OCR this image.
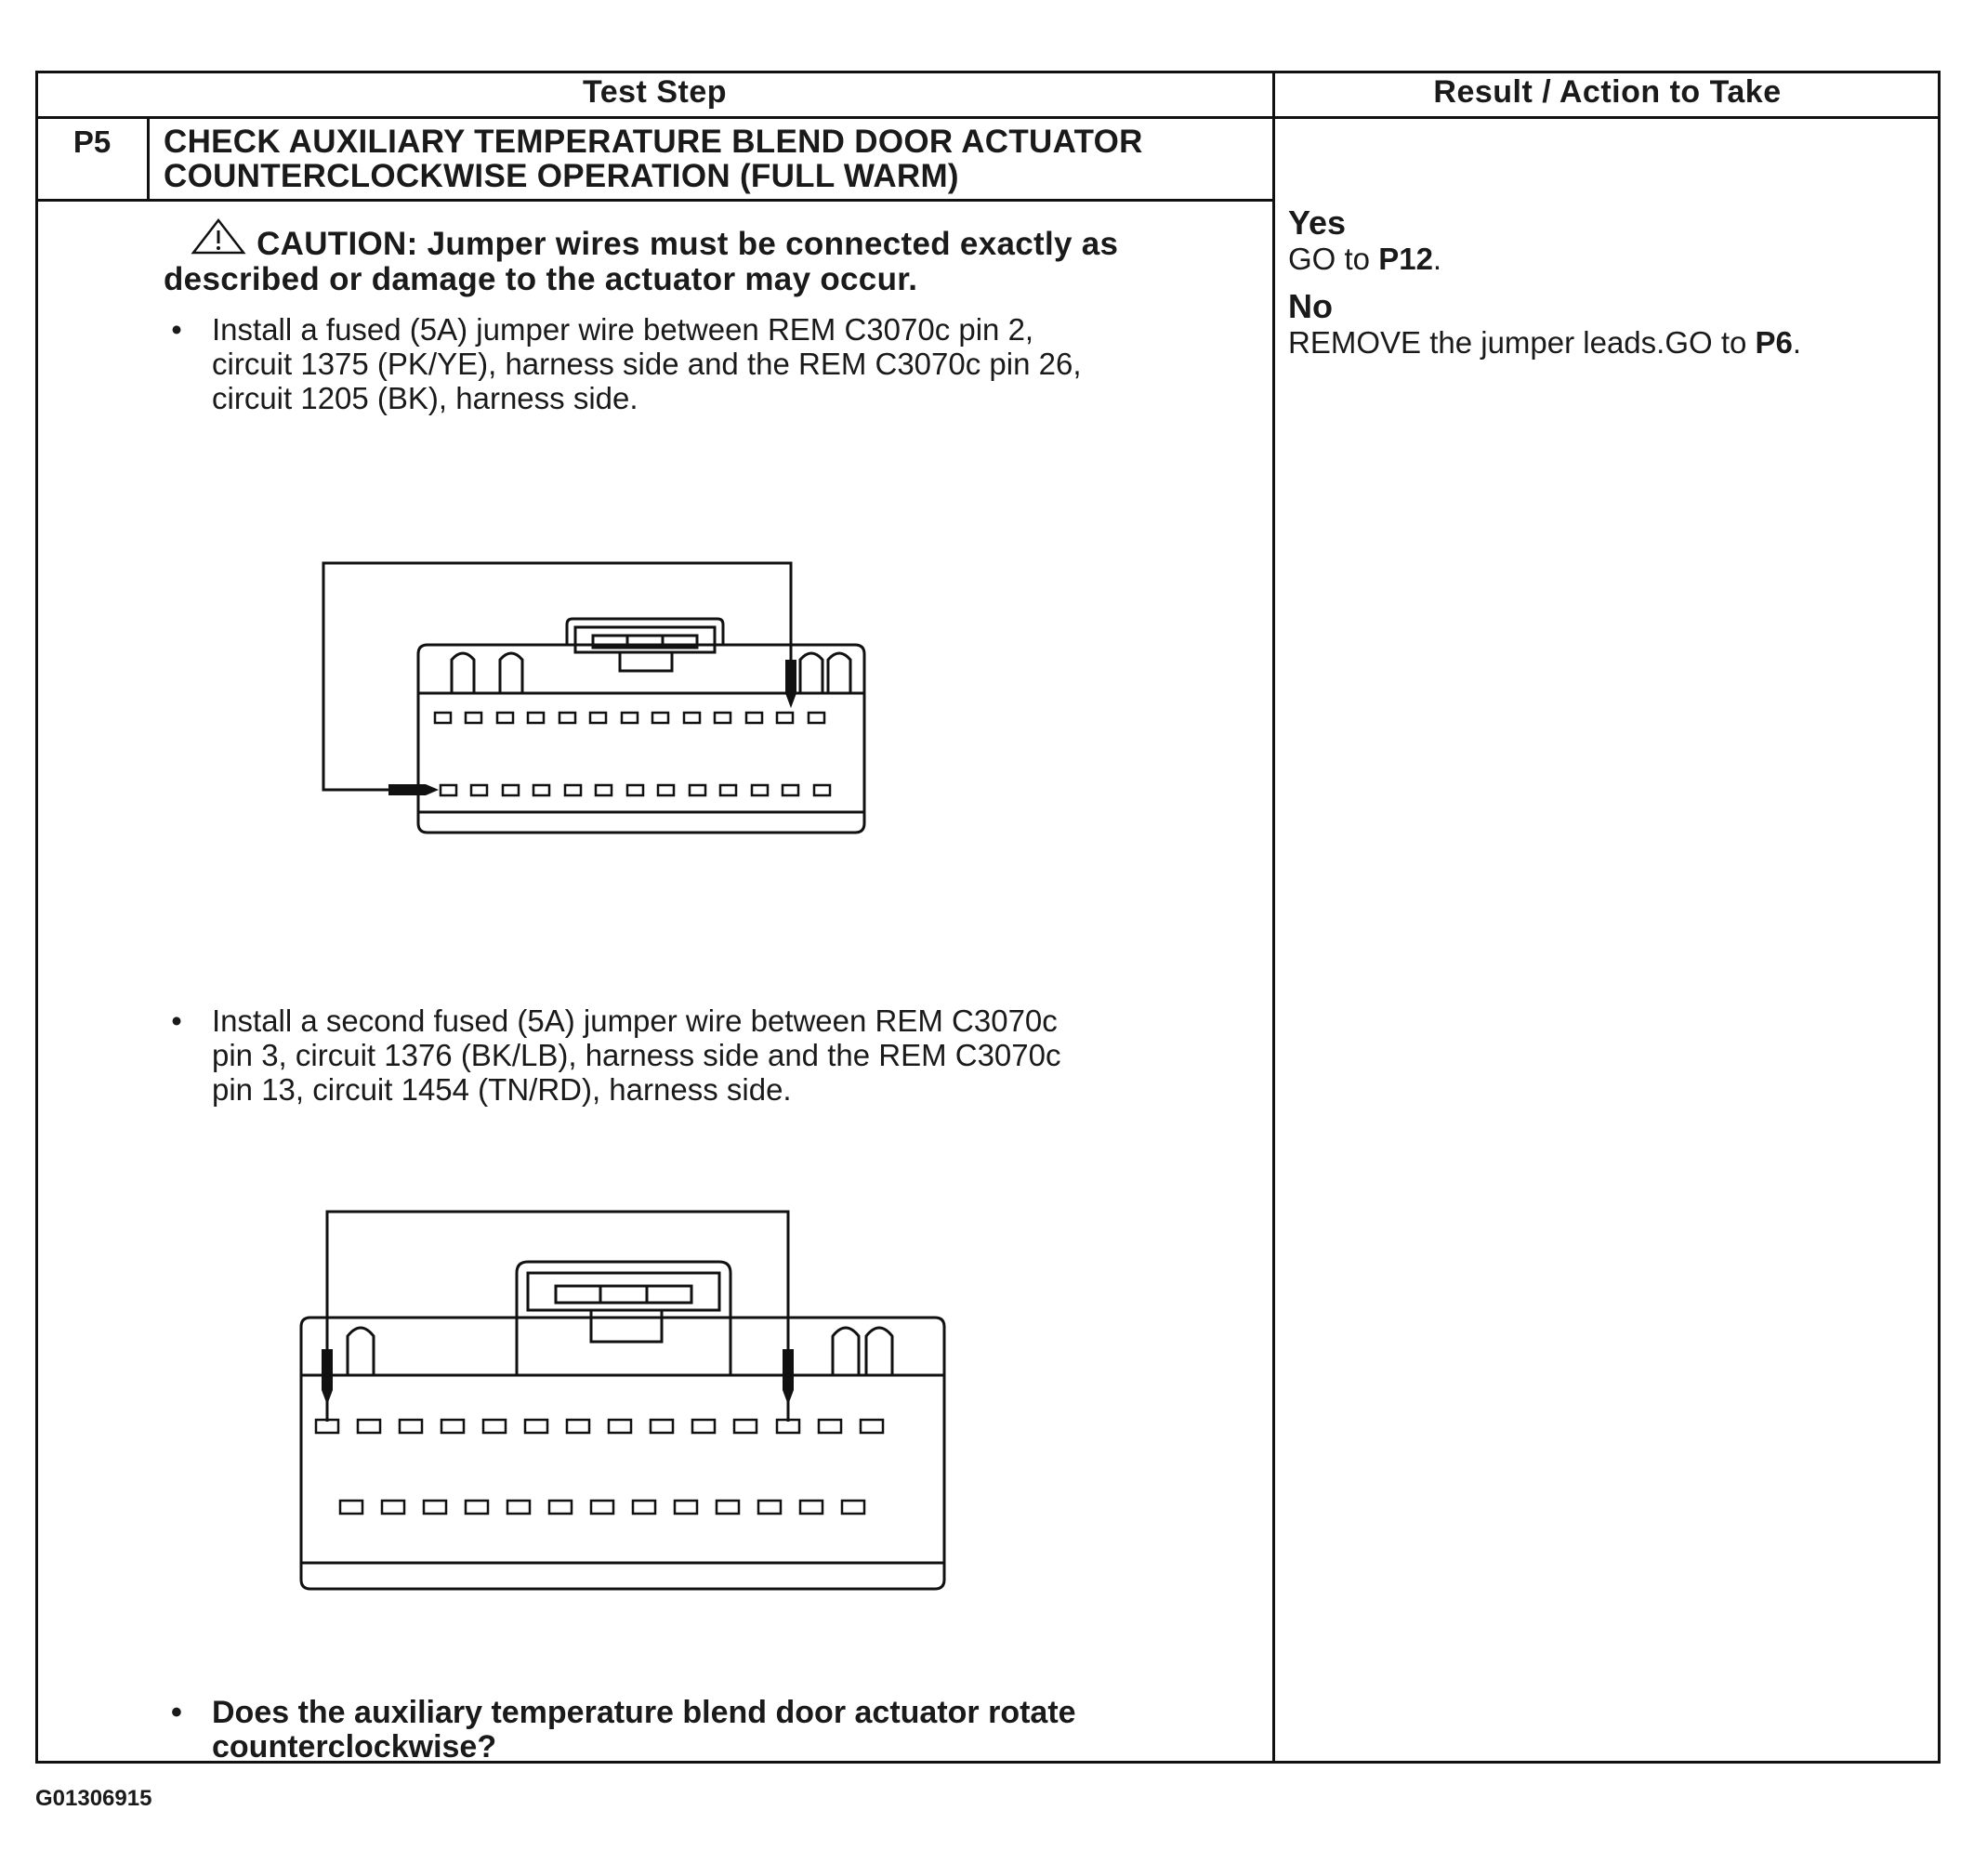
Test Step	Result / Action to Take
P5	CHECK AUXILIARY TEMPERATURE BLEND DOOR ACTUATOR
COUNTERCLOCKWISE OPERATION (FULL WARM)
CAUTION: Jumper wires must be connected exactly as
described or damage to the actuator may occur.
• Install a fused (5A) jumper wire between REM C3070c pin 2,
circuit 1375 (PK/YE), harness side and the REM C3070c pin 26,
circuit 1205 (BK), harness side.
• Install a second fused (5A) jumper wire between REM C3070c
pin 3, circuit 1376 (BK/LB), harness side and the REM C3070c
pin 13, circuit 1454 (TN/RD), harness side.
• Does the auxiliary temperature blend door actuator rotate
counterclockwise?
Yes
GO to P12.
No
REMOVE the jumper leads.GO to P6.
G01306915
